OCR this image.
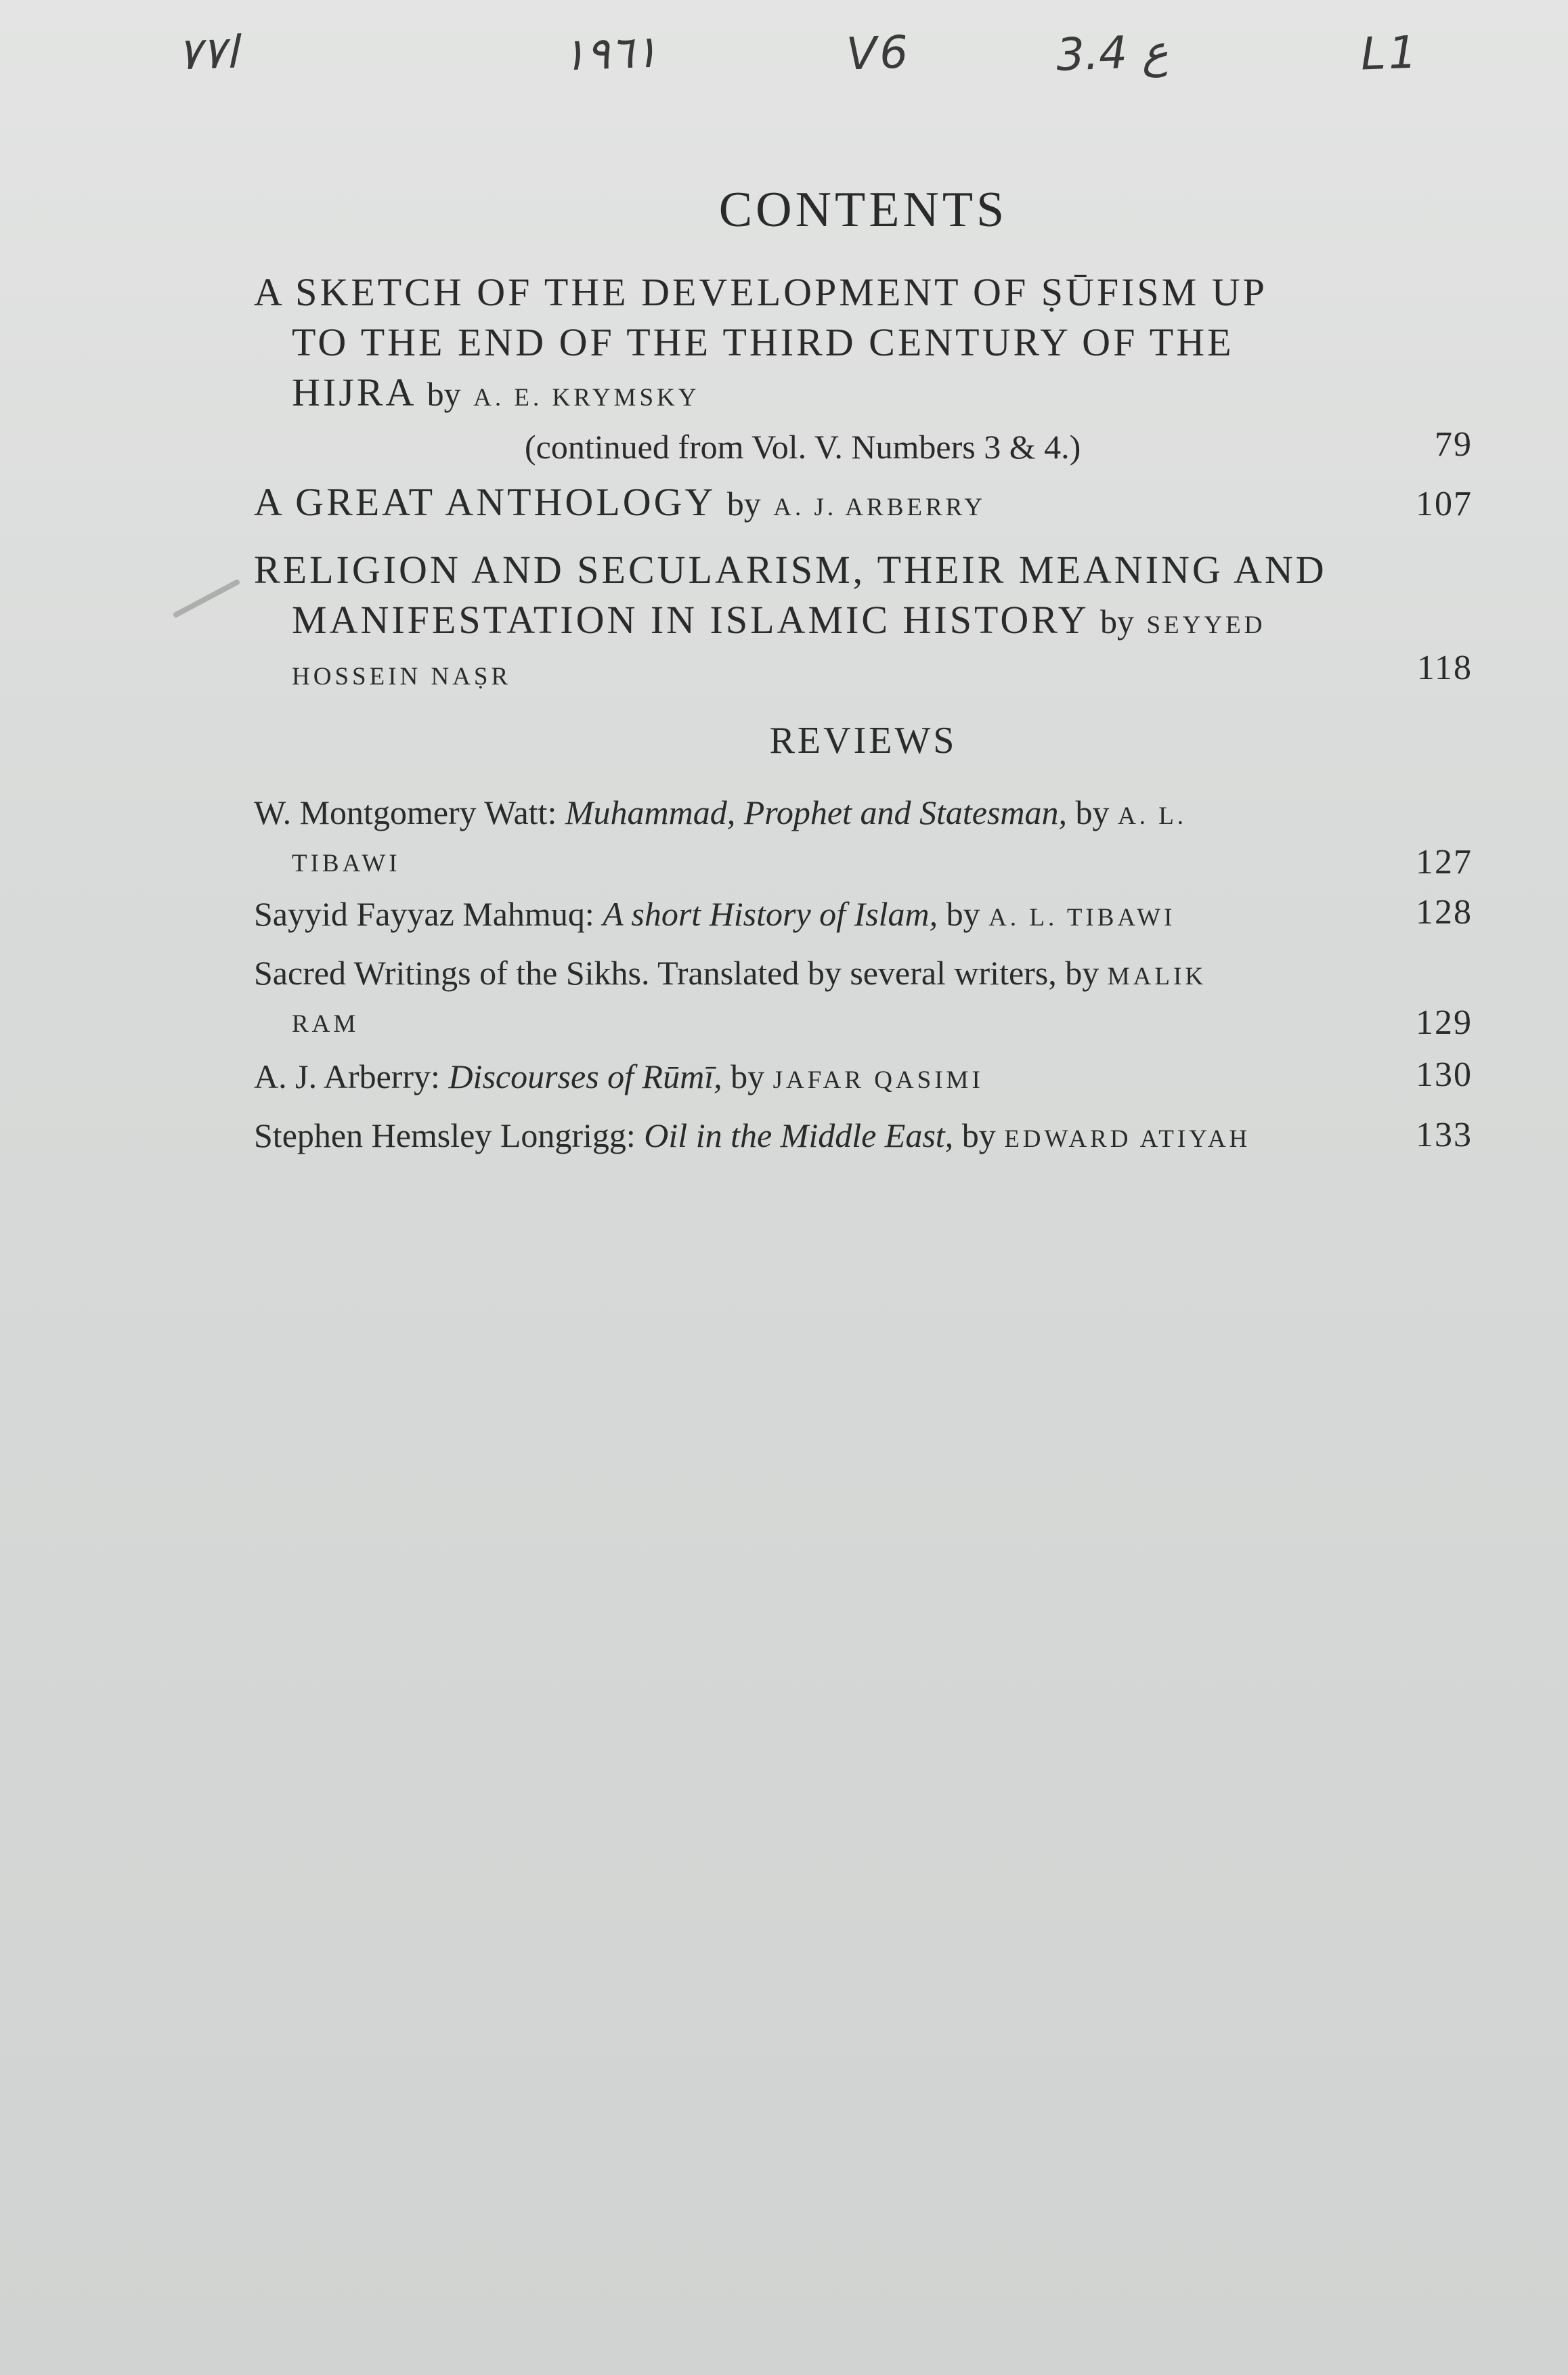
ﺍ٧٧	١٩٦١	V6	ﻉ 3.4	L1
CONTENTS
A SKETCH OF THE DEVELOPMENT OF ṢŪFISM UP
TO THE END OF THE THIRD CENTURY OF THE
HIJRA by A. E. KRYMSKY
(continued from Vol. V. Numbers 3 & 4.)	79
A GREAT ANTHOLOGY by A. J. ARBERRY	107
RELIGION AND SECULARISM, THEIR MEANING AND
MANIFESTATION IN ISLAMIC HISTORY by SEYYED
HOSSEIN NAṢR	118
REVIEWS
W. Montgomery Watt: Muhammad, Prophet and Statesman, by A. L.
TIBAWI	127
Sayyid Fayyaz Mahmuq: A short History of Islam, by A. L. TIBAWI	128
Sacred Writings of the Sikhs. Translated by several writers, by MALIK
RAM	129
A. J. Arberry: Discourses of Rūmī, by JAFAR QASIMI	130
Stephen Hemsley Longrigg: Oil in the Middle East, by EDWARD ATIYAH	133
